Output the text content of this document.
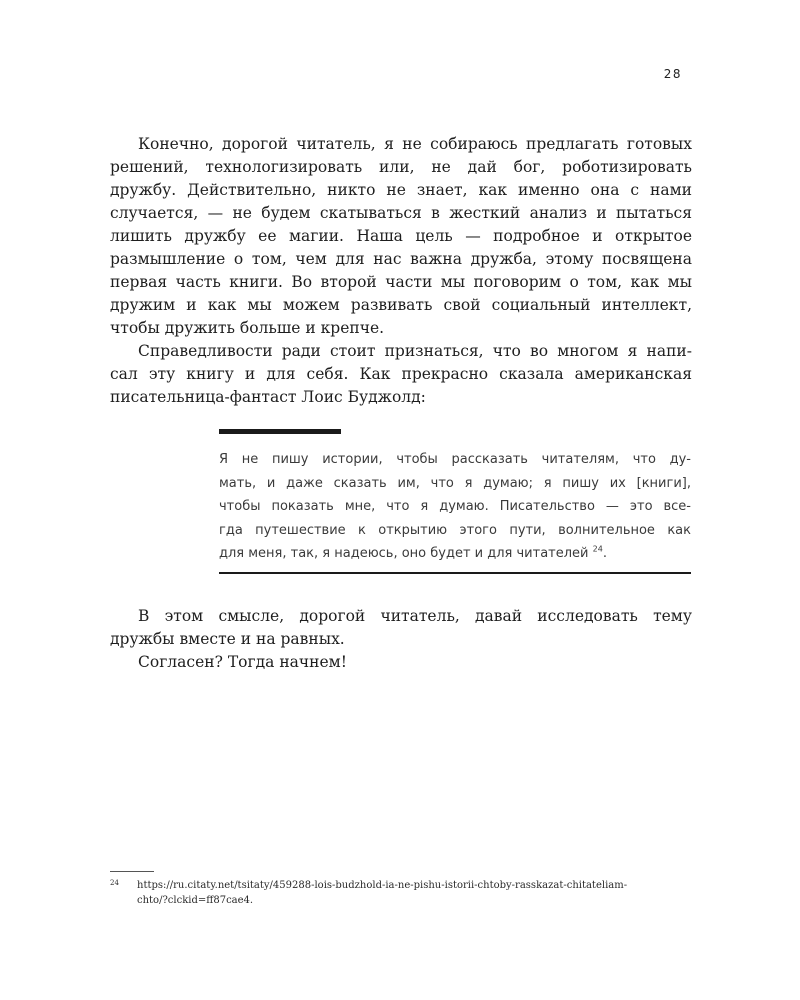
28
Конечно, дорогой читатель, я не собираюсь предлагать готовых
решений, технологизировать или, не дай бог, роботизировать
дружбу. Действительно, никто не знает, как именно она с нами
случается, — не будем скатываться в жесткий анализ и пытаться
лишить дружбу ее магии. Наша цель — подробное и открытое
размышление о том, чем для нас важна дружба, этому посвящена
первая часть книги. Во второй части мы поговорим о том, как мы
дружим и как мы можем развивать свой социальный интеллект,
чтобы дружить больше и крепче.
Справедливости ради стоит признаться, что во многом я напи-
сал эту книгу и для себя. Как прекрасно сказала американская
писательница-фантаст Лоис Буджолд:
Я не пишу истории, чтобы рассказать читателям, что ду-
мать, и даже сказать им, что я думаю; я пишу их [книги],
чтобы показать мне, что я думаю. Писательство — это все-
гда путешествие к открытию этого пути, волнительное как
для меня, так, я надеюсь, оно будет и для читателей $^{24}$.
В этом смысле, дорогой читатель, давай исследовать тему
дружбы вместе и на равных.
Согласен? Тогда начнем!
24 https://ru.citaty.net/tsitaty/459288-lois-budzhold-ia-ne-pishu-istorii-chtoby-rasskazat-chitateliam-
chto/?clckid=ff87cae4.
